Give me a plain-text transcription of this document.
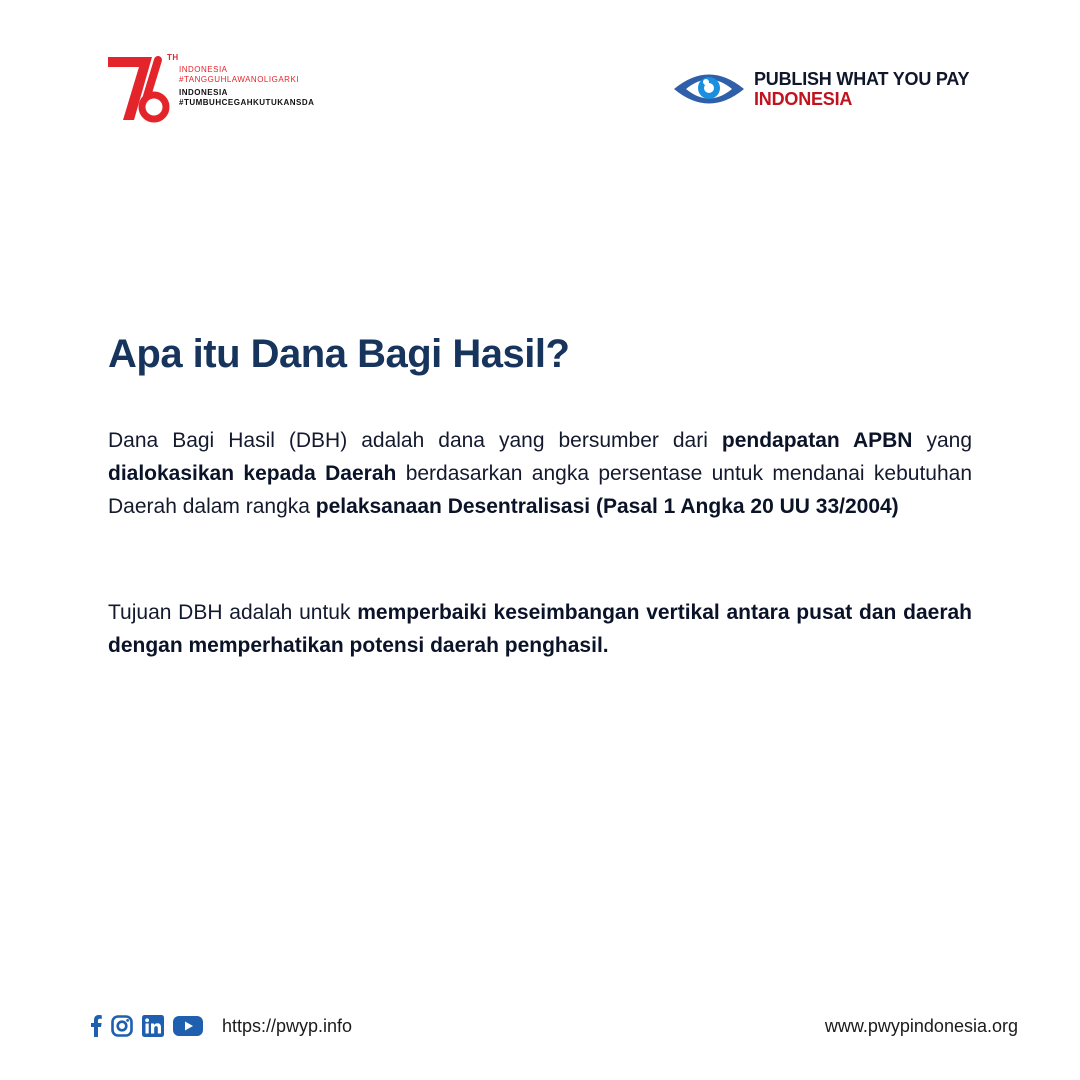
TH
INDONESIA
#TANGGUHLAWANOLIGARKI
INDONESIA
#TUMBUHCEGAHKUTUKANSDA
PUBLISH WHAT YOU PAY
INDONESIA
Apa itu Dana Bagi Hasil?

Dana Bagi Hasil (DBH) adalah dana yang bersumber dari pendapatan APBN yang dialokasikan kepada Daerah berdasarkan angka persentase untuk mendanai kebutuhan Daerah dalam rangka pelaksanaan Desentralisasi (Pasal 1 Angka 20 UU 33/2004)

Tujuan DBH adalah untuk memperbaiki keseimbangan vertikal antara pusat dan daerah dengan memperhatikan potensi daerah penghasil.

https://pwyp.info	www.pwypindonesia.org
